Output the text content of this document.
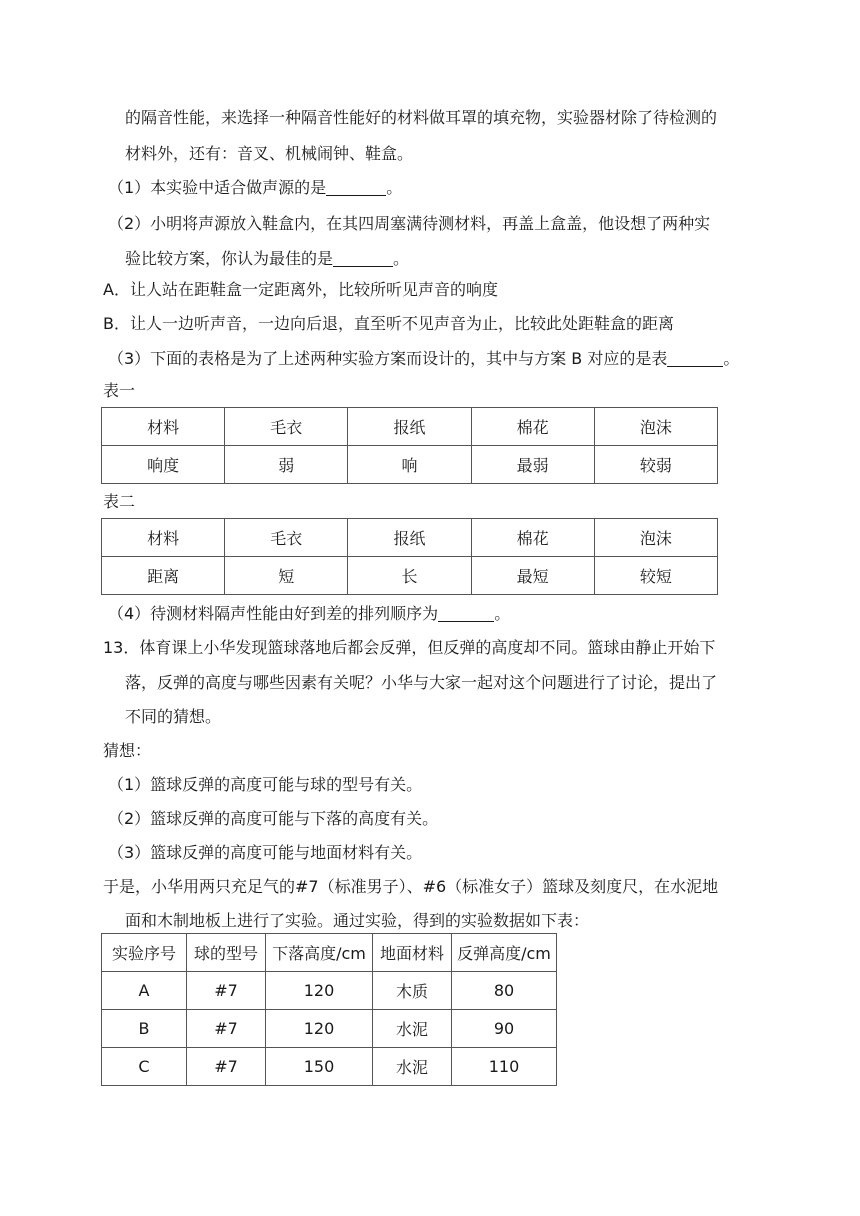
的隔音性能，来选择一种隔音性能好的材料做耳罩的填充物，实验器材除了待检测的
材料外，还有：音叉、机械闹钟、鞋盒。
（1）本实验中适合做声源的是	。
（2）小明将声源放入鞋盒内，在其四周塞满待测材料，再盖上盒盖，他设想了两种实
验比较方案，你认为最佳的是	。
A．让人站在距鞋盒一定距离外，比较所听见声音的响度
B．让人一边听声音，一边向后退，直至听不见声音为止，比较此处距鞋盒的距离
（3）下面的表格是为了上述两种实验方案而设计的，其中与方案 B 对应的是表	。
表一
材料	毛衣	报纸	棉花	泡沫
响度	弱	响	最弱	较弱
表二
材料	毛衣	报纸	棉花	泡沫
距离	短	长	最短	较短
（4）待测材料隔声性能由好到差的排列顺序为	。
13．体育课上小华发现篮球落地后都会反弹，但反弹的高度却不同。篮球由静止开始下
落，反弹的高度与哪些因素有关呢？小华与大家一起对这个问题进行了讨论，提出了
不同的猜想。
猜想：
（1）篮球反弹的高度可能与球的型号有关。
（2）篮球反弹的高度可能与下落的高度有关。
（3）篮球反弹的高度可能与地面材料有关。
于是，小华用两只充足气的#7（标准男子）、#6（标准女子）篮球及刻度尺，在水泥地
面和木制地板上进行了实验。通过实验，得到的实验数据如下表：
实验序号	球的型号	下落高度/cm	地面材料	反弹高度/cm
A	#7	120	木质	80
B	#7	120	水泥	90
C	#7	150	水泥	110
